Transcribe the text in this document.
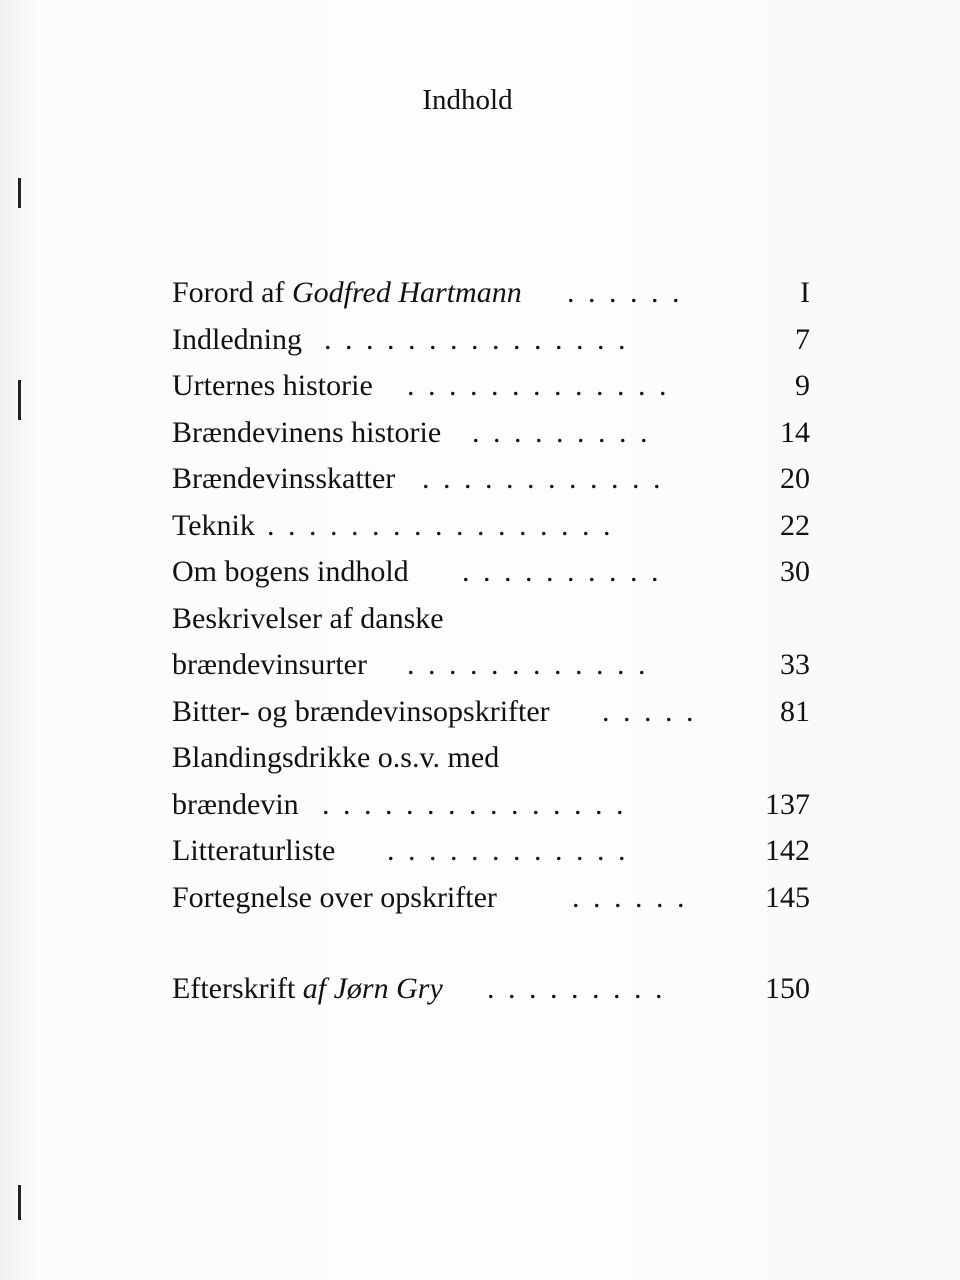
Indhold
Forord af Godfred Hartmann . . . . . .	I
Indledning . . . . . . . . . . . . . . .	7
Urternes historie . . . . . . . . . . . . .	9
Brændevinens historie . . . . . . . . .	14
Brændevinsskatter . . . . . . . . . . . .	20
Teknik . . . . . . . . . . . . . . . . .	22
Om bogens indhold . . . . . . . . . .	30
Beskrivelser af danske
brændevinsurter . . . . . . . . . . . .	33
Bitter- og brændevinsopskrifter . . . . .	81
Blandingsdrikke o.s.v. med
brændevin . . . . . . . . . . . . . . .	137
Litteraturliste . . . . . . . . . . . .	142
Fortegnelse over opskrifter	. . . . . .	145
Efterskrift af Jørn Gry . . . . . . . . .	150
